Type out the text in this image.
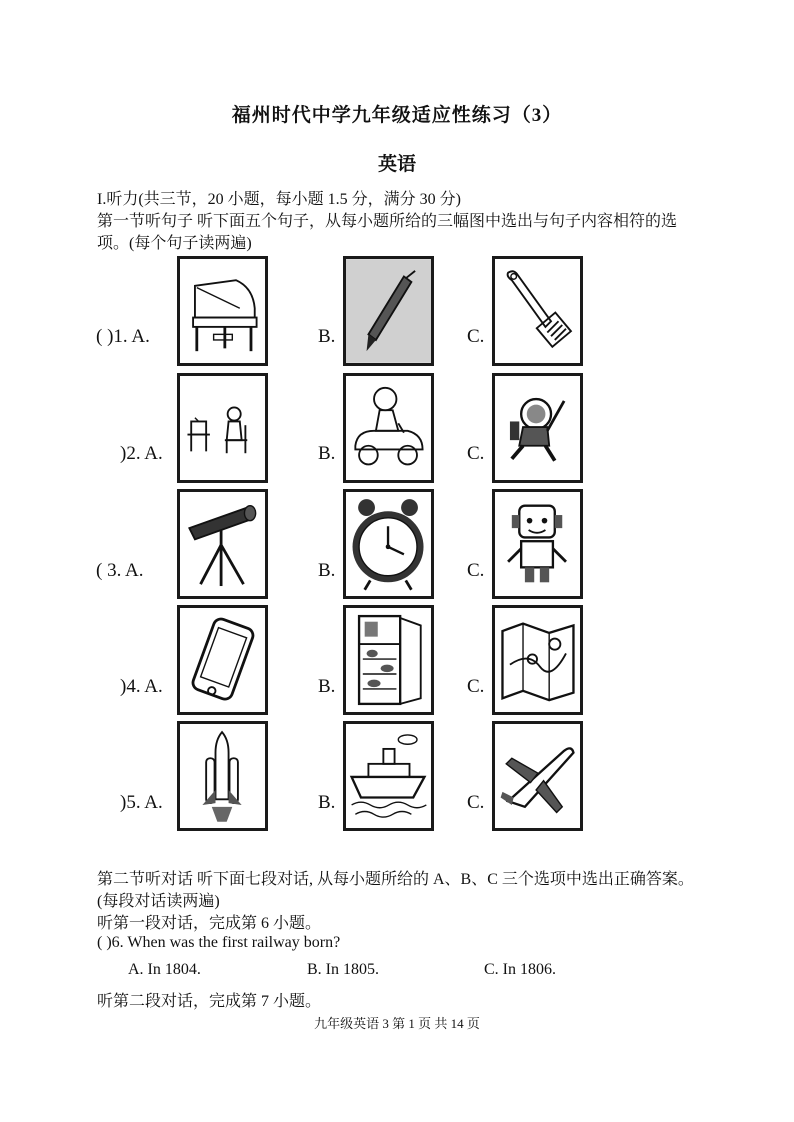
福州时代中学九年级适应性练习（3）
英语
I.听力(共三节，20 小题，每小题 1.5 分，满分 30 分)
第一节听句子 听下面五个句子，从每小题所给的三幅图中选出与句子内容相符的选
项。(每个句子读两遍)
( )1. A.	B.	C.
)2. A.	B.	C.
( 3. A.	B.	C.
)4. A.	B.	C.
)5. A.	B.	C.
第二节听对话 听下面七段对话, 从每小题所给的 A、B、C 三个选项中选出正确答案。
(每段对话读两遍)
听第一段对话，完成第 6 小题。
( )6. When was the first railway born?
A. In 1804.	B. In 1805.	C. In 1806.
听第二段对话，完成第 7 小题。
九年级英语 3 第 1 页 共 14 页
